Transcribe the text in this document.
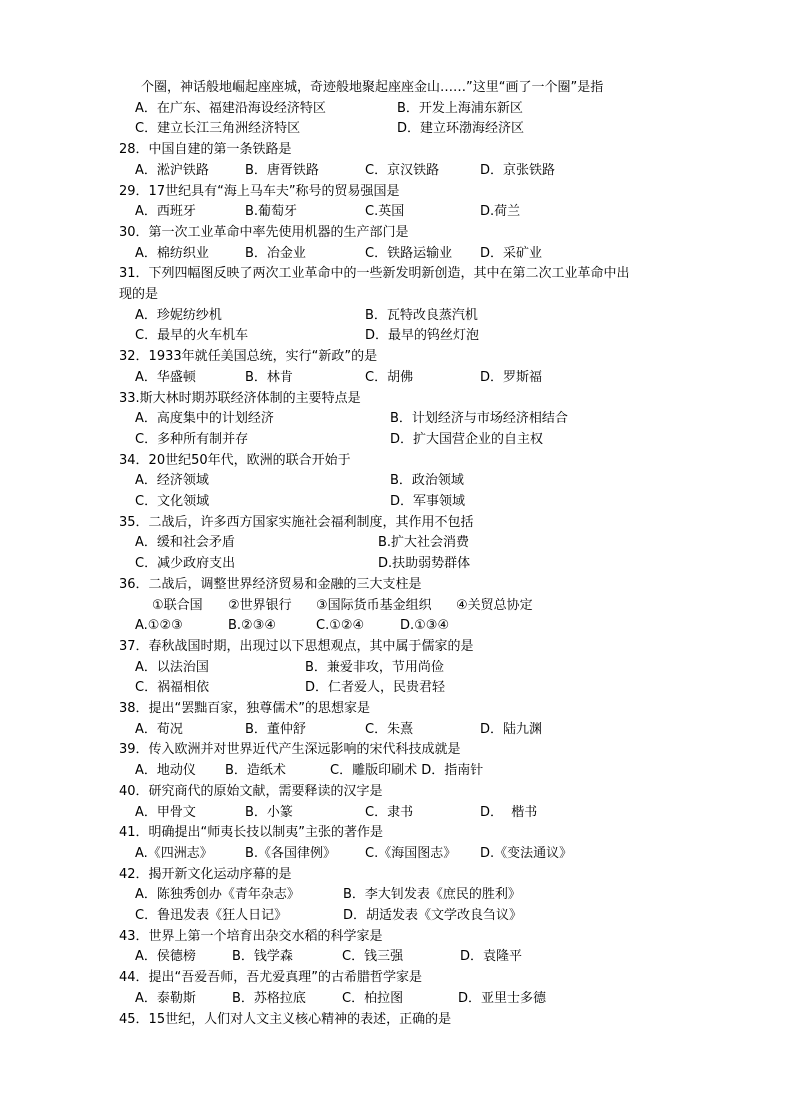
个圈，神话般地崛起座座城，奇迹般地聚起座座金山……”这里“画了一个圈”是指
A．在广东、福建沿海设经济特区	B．开发上海浦东新区
C．建立长江三角洲经济特区	D．建立环渤海经济区
28．中国自建的第一条铁路是
A．淞沪铁路	B．唐胥铁路	C．京汉铁路	D．京张铁路
29．17世纪具有“海上马车夫”称号的贸易强国是
A．西班牙	B.葡萄牙	C.英国	D.荷兰
30．第一次工业革命中率先使用机器的生产部门是
A．棉纺织业	B．冶金业	C．铁路运输业 D．采矿业
31．下列四幅图反映了两次工业革命中的一些新发明新创造，其中在第二次工业革命中出
现的是
A．珍妮纺纱机	B．瓦特改良蒸汽机
C．最早的火车机车	D．最早的钨丝灯泡
32．1933年就任美国总统，实行“新政”的是
A．华盛顿	B．林肯	C．胡佛	D．罗斯福
33.斯大林时期苏联经济体制的主要特点是
A．高度集中的计划经济	B．计划经济与市场经济相结合
C．多种所有制并存	D．扩大国营企业的自主权
34．20世纪50年代，欧洲的联合开始于
A．经济领域	B．政治领域
C．文化领域	D．军事领域
35．二战后，许多西方国家实施社会福利制度，其作用不包括
A．缓和社会矛盾	B.扩大社会消费
C．减少政府支出	D.扶助弱势群体
36．二战后，调整世界经济贸易和金融的三大支柱是
①联合国 ②世界银行 ③国际货币基金组织 ④关贸总协定
A.①②③	B.②③④	C.①②④	D.①③④
37．春秋战国时期，出现过以下思想观点，其中属于儒家的是
A．以法治国	B．兼爱非攻，节用尚俭
C．祸福相依	D．仁者爱人，民贵君轻
38．提出“罢黜百家，独尊儒术”的思想家是
A．荀况	B．董仲舒	C．朱熹	D．陆九渊
39．传入欧洲并对世界近代产生深远影响的宋代科技成就是
A．地动仪 B．造纸术	C．雕版印刷术 D．指南针
40．研究商代的原始文献，需要释读的汉字是
A．甲骨文	B．小篆	C．隶书	D．  楷书
41．明确提出“师夷长技以制夷”主张的著作是
A.《四洲志》 B.《各国律例》 C.《海国图志》 D.《变法通议》
42．揭开新文化运动序幕的是
A．陈独秀创办《青年杂志》	B．李大钊发表《庶民的胜利》
C．鲁迅发表《狂人日记》	D．胡适发表《文学改良刍议》
43．世界上第一个培育出杂交水稻的科学家是
A．侯德榜	B．钱学森	C．钱三强	D．袁隆平
44．提出“吾爱吾师，吾尤爱真理”的古希腊哲学家是
A．泰勒斯	B．苏格拉底	C．柏拉图	D．亚里士多德
45．15世纪，人们对人文主义核心精神的表述，正确的是
